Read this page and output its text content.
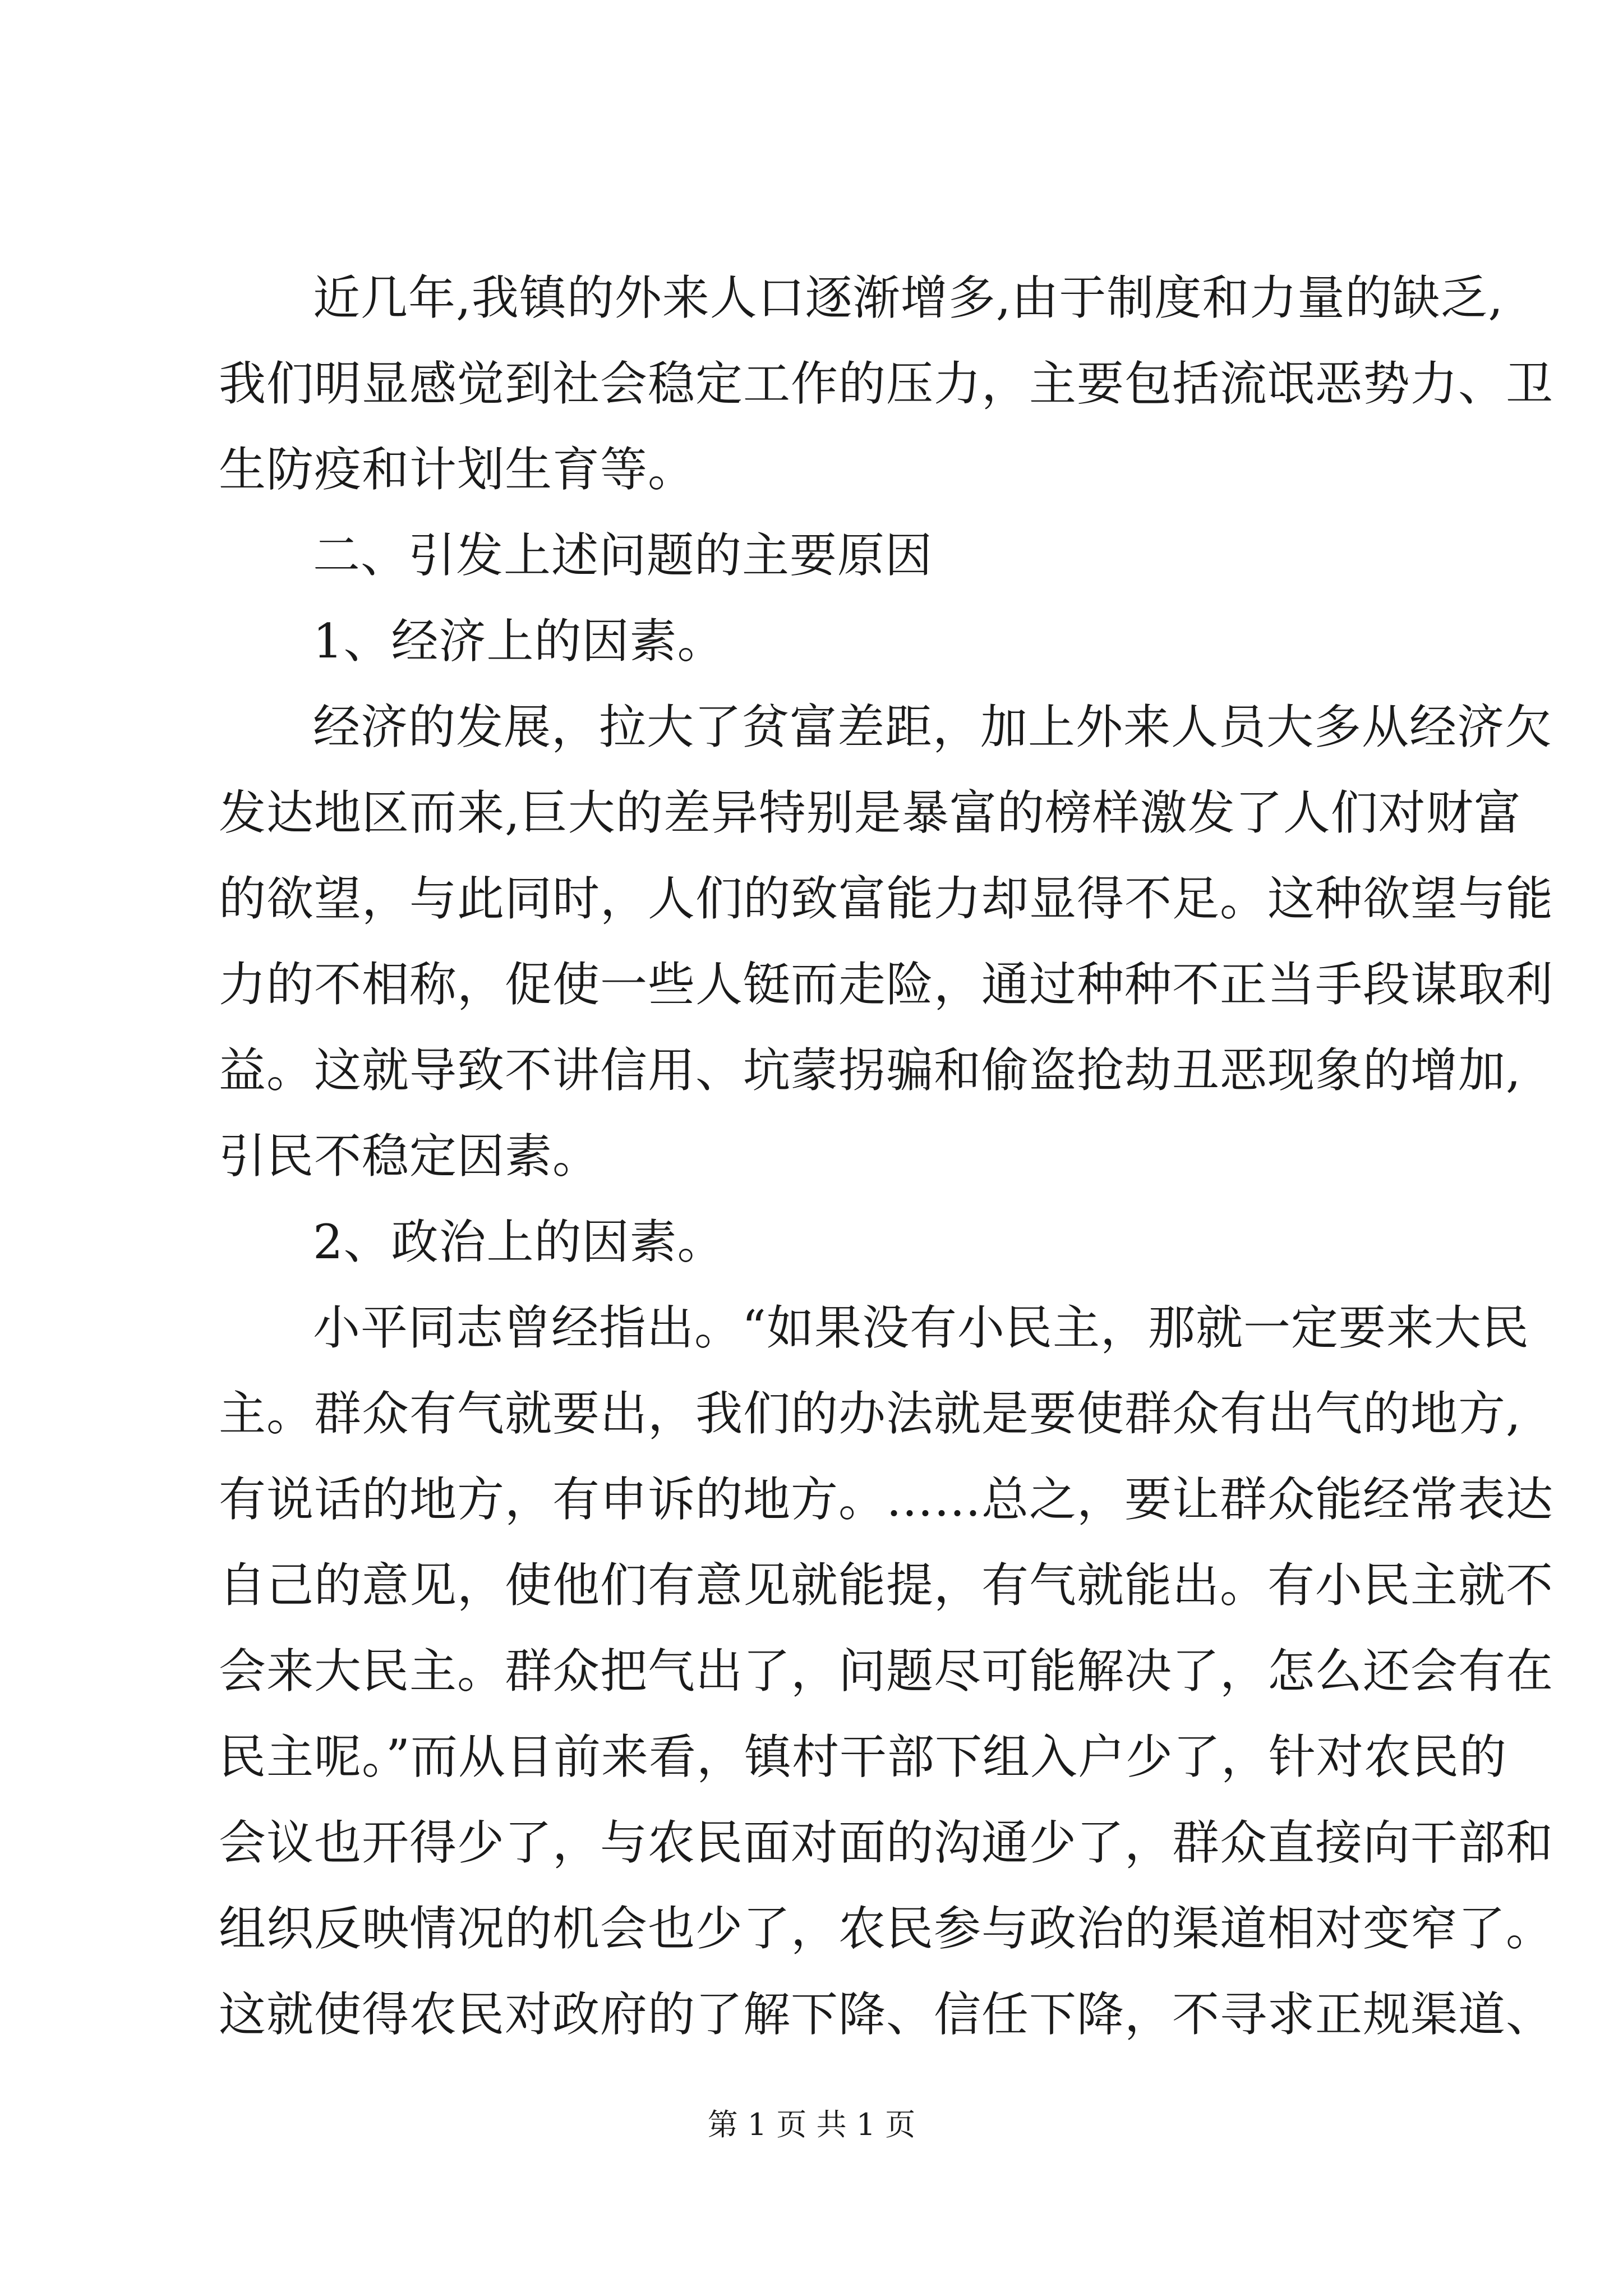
近几年,我镇的外来人口逐渐增多,由于制度和力量的缺乏,
我们明显感觉到社会稳定工作的压力，主要包括流氓恶势力、卫
生防疫和计划生育等。
二、引发上述问题的主要原因
1、经济上的因素。
经济的发展，拉大了贫富差距，加上外来人员大多从经济欠
发达地区而来,巨大的差异特别是暴富的榜样激发了人们对财富
的欲望，与此同时，人们的致富能力却显得不足。这种欲望与能
力的不相称，促使一些人铤而走险，通过种种不正当手段谋取利
益。这就导致不讲信用、坑蒙拐骗和偷盗抢劫丑恶现象的增加,
引民不稳定因素。
2、政治上的因素。
小平同志曾经指出。“如果没有小民主，那就一定要来大民
主。群众有气就要出，我们的办法就是要使群众有出气的地方,
有说话的地方，有申诉的地方。……总之，要让群众能经常表达
自己的意见，使他们有意见就能提，有气就能出。有小民主就不
会来大民主。群众把气出了，问题尽可能解决了，怎么还会有在
民主呢。”而从目前来看，镇村干部下组入户少了，针对农民的
会议也开得少了，与农民面对面的沟通少了，群众直接向干部和
组织反映情况的机会也少了，农民参与政治的渠道相对变窄了。
这就使得农民对政府的了解下降、信任下降，不寻求正规渠道、
第 1 页 共 1 页
